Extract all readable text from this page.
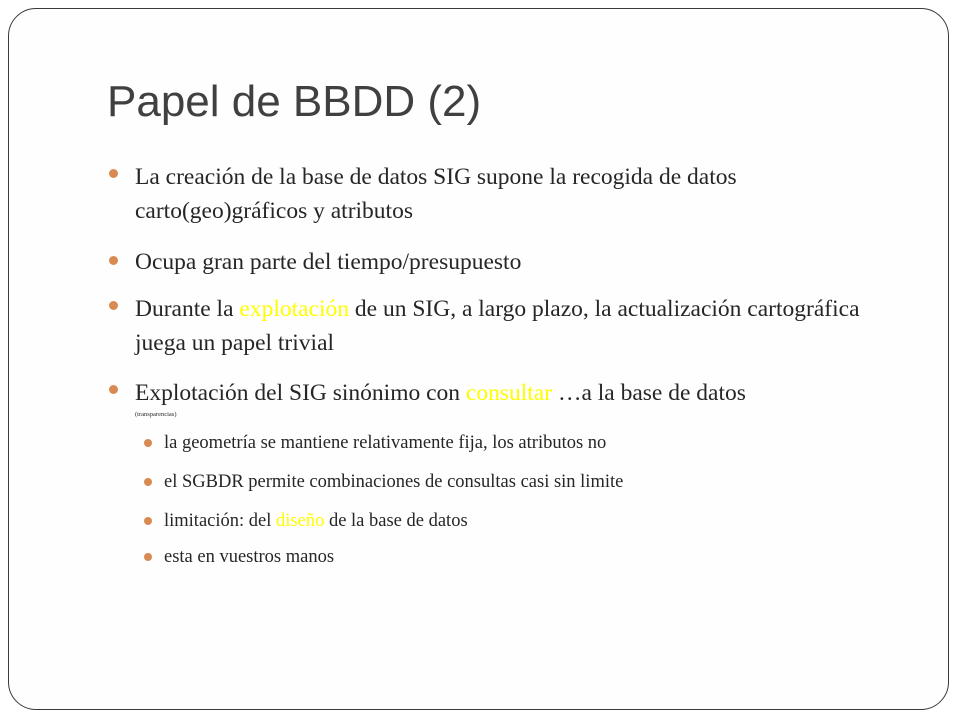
Papel de BBDD (2)
La creación de la base de datos SIG supone la recogida de datos carto(geo)gráficos y atributos
Ocupa gran parte del tiempo/presupuesto
Durante la explotación de un SIG, a largo plazo, la actualización cartográfica juega un papel trivial
Explotación del SIG sinónimo con consultar …a la base de datos
(transparencias)
la geometría se mantiene relativamente fija, los atributos no
el SGBDR permite combinaciones de consultas casi sin limite
limitación: del diseño de la base de datos
esta en vuestros manos
